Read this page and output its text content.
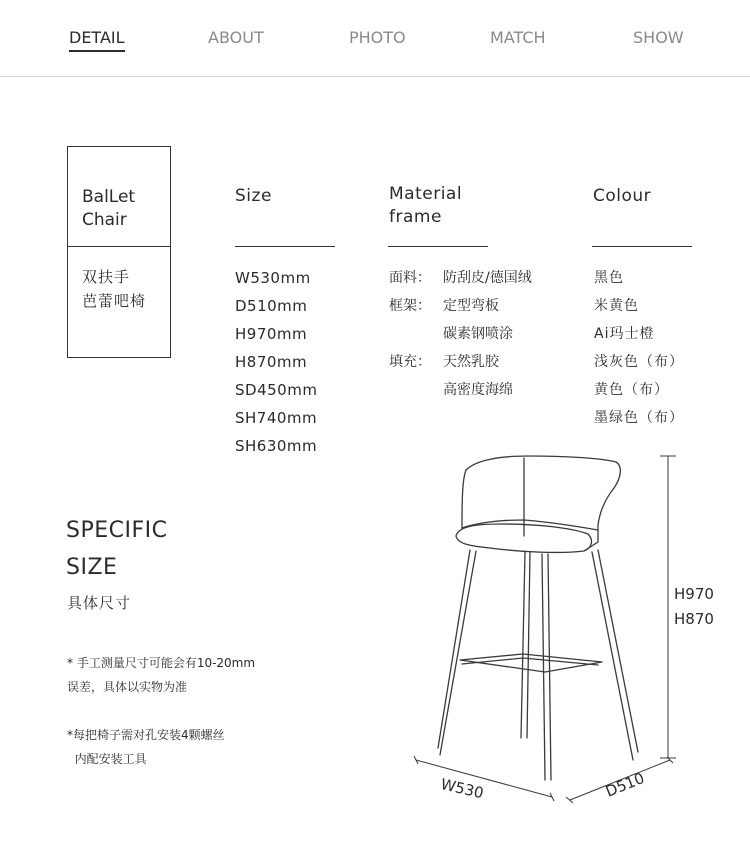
DETAIL	ABOUT	PHOTO	MATCH	SHOW
BalLet
Chair
双扶手
芭蕾吧椅
Size
W530mm
D510mm
H970mm
H870mm
SD450mm
SH740mm
SH630mm
Material
frame
面料： 防刮皮/德国绒
框架： 定型弯板
碳素钢喷涂
填充： 天然乳胶
高密度海绵
Colour
黑色
米黄色
Ai玛士橙
浅灰色（布）
黄色（布）
墨绿色（布）
SPECIFIC
SIZE
具体尺寸
* 手工测量尺寸可能会有10-20mm
误差，具体以实物为准
*每把椅子需对孔安装4颗螺丝
内配安装工具
H970
H870
W530	D510
